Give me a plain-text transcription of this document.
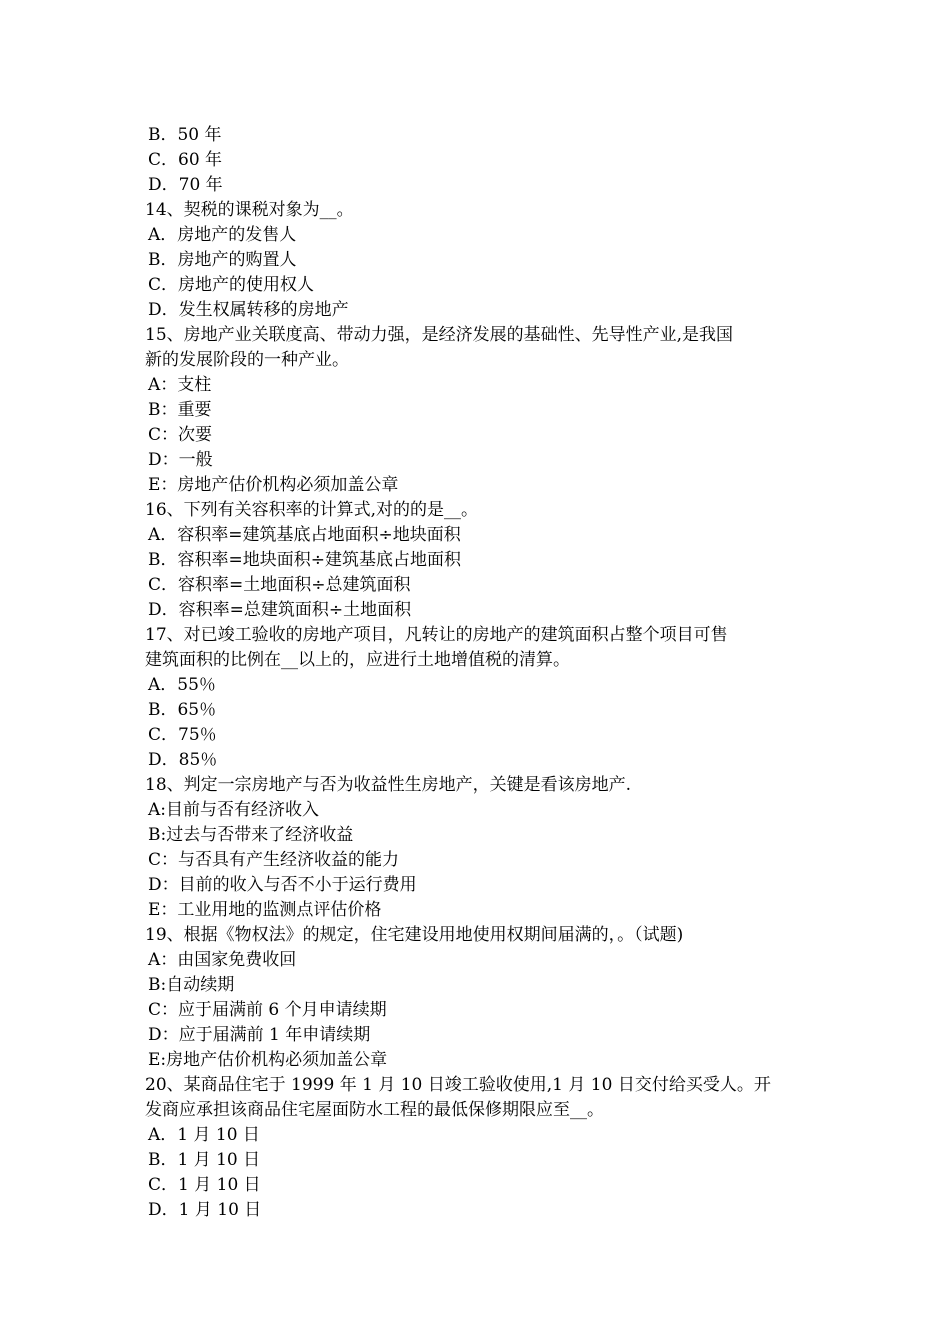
B．50 年
C．60 年
D．70 年
14、契税的课税对象为__。
A．房地产的发售人
B．房地产的购置人
C．房地产的使用权人
D．发生权属转移的房地产
15、房地产业关联度高、带动力强，是经济发展的基础性、先导性产业,是我国
新的发展阶段的一种产业。
A：支柱
B：重要
C：次要
D：一般
E：房地产估价机构必须加盖公章
16、下列有关容积率的计算式,对的的是__。
A．容积率=建筑基底占地面积÷地块面积
B．容积率=地块面积÷建筑基底占地面积
C．容积率=土地面积÷总建筑面积
D．容积率=总建筑面积÷土地面积
17、对已竣工验收的房地产项目，凡转让的房地产的建筑面积占整个项目可售
建筑面积的比例在__以上的，应进行土地增值税的清算。
A．55％
B．65％
C．75％
D．85％
18、判定一宗房地产与否为收益性生房地产，关键是看该房地产.
A:目前与否有经济收入
B:过去与否带来了经济收益
C：与否具有产生经济收益的能力
D：目前的收入与否不小于运行费用
E：工业用地的监测点评估价格
19、根据《物权法》的规定，住宅建设用地使用权期间届满的，。（试题)
A：由国家免费收回
B:自动续期
C：应于届满前 6 个月申请续期
D：应于届满前 1 年申请续期
E:房地产估价机构必须加盖公章
20、某商品住宅于 1999 年 1 月 10 日竣工验收使用,1 月 10 日交付给买受人。开
发商应承担该商品住宅屋面防水工程的最低保修期限应至__。
A．1 月 10 日
B．1 月 10 日
C．1 月 10 日
D．1 月 10 日
